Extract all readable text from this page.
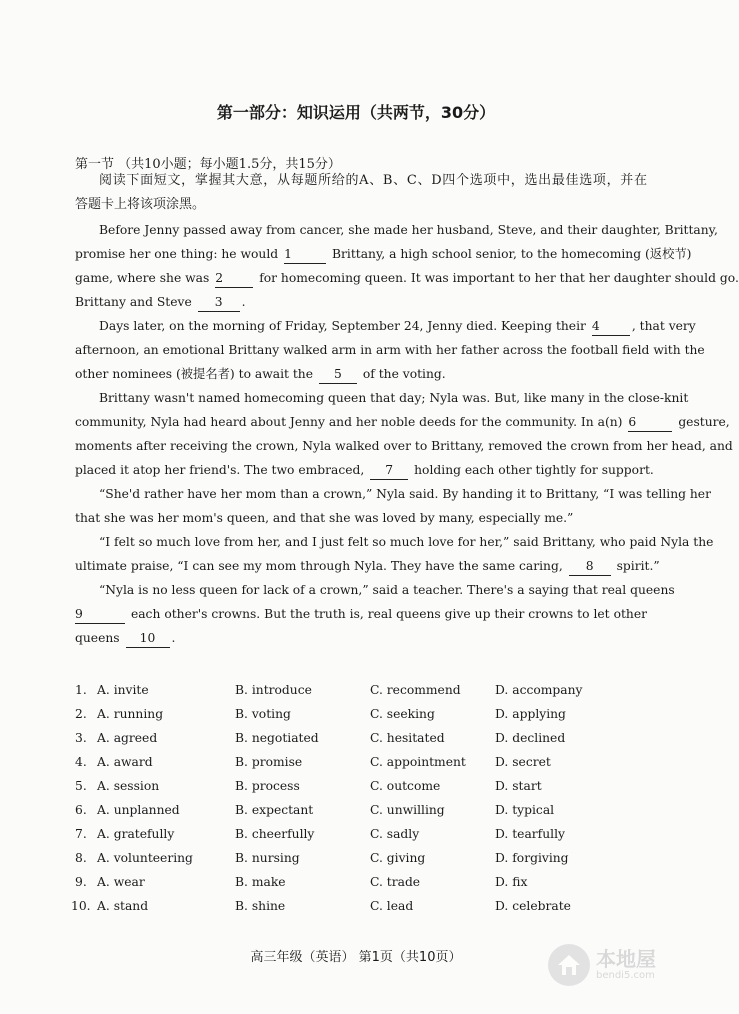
第一部分：知识运用（共两节，30分）
第一节 （共10小题；每小题1.5分，共15分）
阅读下面短文，掌握其大意，从每题所给的A、B、C、D四个选项中，选出最佳选项，并在
答题卡上将该项涂黑。
Before Jenny passed away from cancer, she made her husband, Steve, and their daughter, Brittany,
promise her one thing: he would 1	Brittany, a high school senior, to the homecoming (返校节)
game, where she was 2	for homecoming queen. It was important to her that her daughter should go.
Brittany and Steve 3 .
Days later, on the morning of Friday, September 24, Jenny died. Keeping their 4	, that very
afternoon, an emotional Brittany walked arm in arm with her father across the football field with the
other nominees (被提名者) to await the 5 of the voting.
Brittany wasn't named homecoming queen that day; Nyla was. But, like many in the close-knit
community, Nyla had heard about Jenny and her noble deeds for the community. In a(n) 6	gesture,
moments after receiving the crown, Nyla walked over to Brittany, removed the crown from her head, and
placed it atop her friend's. The two embraced, 7 holding each other tightly for support.
“She'd rather have her mom than a crown,” Nyla said. By handing it to Brittany, “I was telling her
that she was her mom's queen, and that she was loved by many, especially me.”
“I felt so much love from her, and I just felt so much love for her,” said Brittany, who paid Nyla the
ultimate praise, “I can see my mom through Nyla. They have the same caring, 8 spirit.”
“Nyla is no less queen for lack of a crown,” said a teacher. There's a saying that real queens
9	each other's crowns. But the truth is, real queens give up their crowns to let other
queens 10 .
1. A. invite	B. introduce	C. recommend	D. accompany
2. A. running	B. voting	C. seeking	D. applying
3. A. agreed	B. negotiated	C. hesitated	D. declined
4. A. award	B. promise	C. appointment D. secret
5. A. session	B. process	C. outcome	D. start
6. A. unplanned	B. expectant	C. unwilling	D. typical
7. A. gratefully	B. cheerfully	C. sadly	D. tearfully
8. A. volunteering	B. nursing	C. giving	D. forgiving
9. A. wear	B. make	C. trade	D. fix
10. A. stand	B. shine	C. lead	D. celebrate
高三年级（英语） 第1页（共10页）	本地屋
bendi5.com
